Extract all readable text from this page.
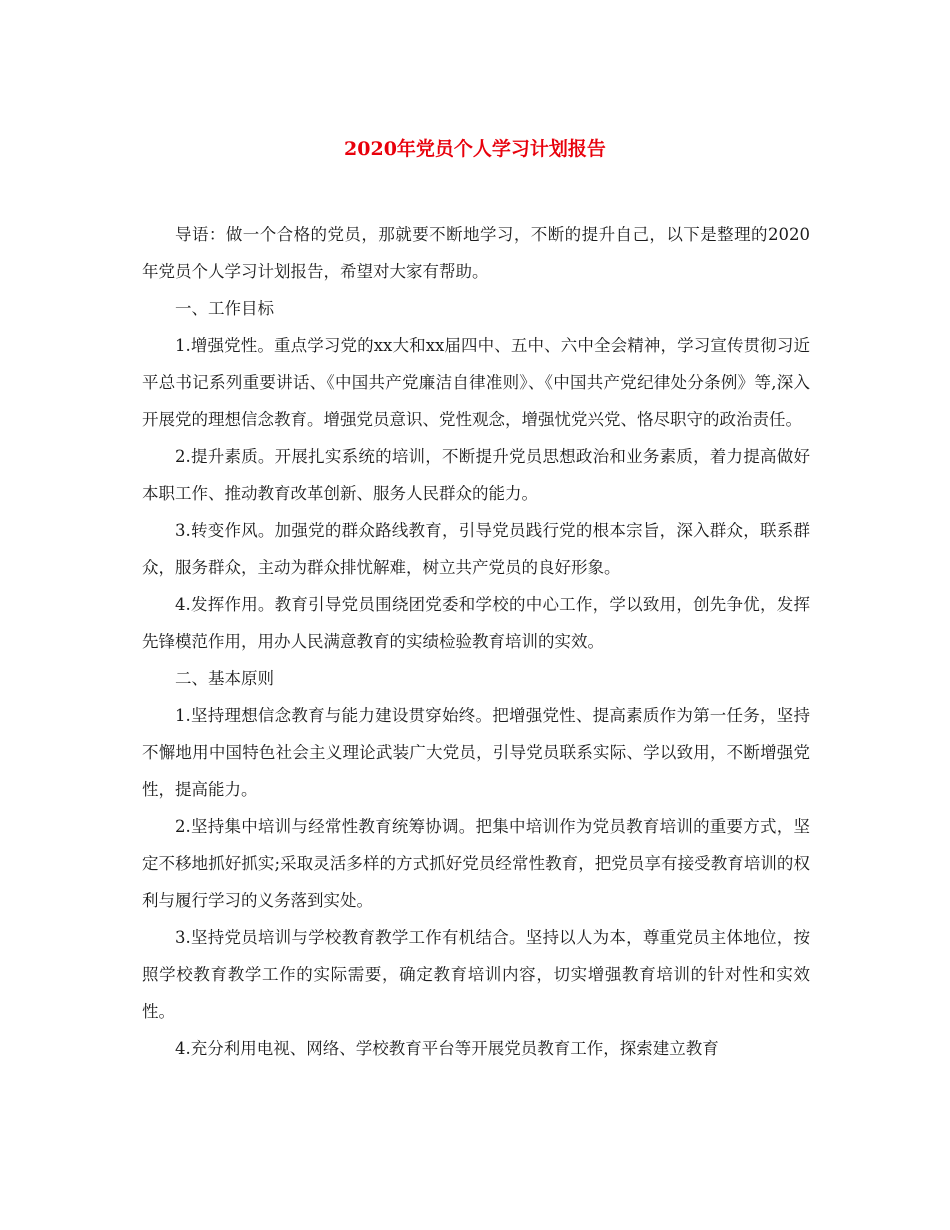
2020年党员个人学习计划报告

导语：做一个合格的党员，那就要不断地学习，不断的提升自己，以下是整理的2020年党员个人学习计划报告，希望对大家有帮助。

一、工作目标

1.增强党性。重点学习党的xx大和xx届四中、五中、六中全会精神，学习宣传贯彻习近平总书记系列重要讲话、《中国共产党廉洁自律准则》、《中国共产党纪律处分条例》等,深入开展党的理想信念教育。增强党员意识、党性观念，增强忧党兴党、恪尽职守的政治责任。

2.提升素质。开展扎实系统的培训，不断提升党员思想政治和业务素质，着力提高做好本职工作、推动教育改革创新、服务人民群众的能力。

3.转变作风。加强党的群众路线教育，引导党员践行党的根本宗旨，深入群众，联系群众，服务群众，主动为群众排忧解难，树立共产党员的良好形象。

4.发挥作用。教育引导党员围绕团党委和学校的中心工作，学以致用，创先争优，发挥先锋模范作用，用办人民满意教育的实绩检验教育培训的实效。

二、基本原则

1.坚持理想信念教育与能力建设贯穿始终。把增强党性、提高素质作为第一任务，坚持不懈地用中国特色社会主义理论武装广大党员，引导党员联系实际、学以致用，不断增强党性，提高能力。

2.坚持集中培训与经常性教育统筹协调。把集中培训作为党员教育培训的重要方式，坚定不移地抓好抓实;采取灵活多样的方式抓好党员经常性教育，把党员享有接受教育培训的权利与履行学习的义务落到实处。

3.坚持党员培训与学校教育教学工作有机结合。坚持以人为本，尊重党员主体地位，按照学校教育教学工作的实际需要，确定教育培训内容，切实增强教育培训的针对性和实效性。

4.充分利用电视、网络、学校教育平台等开展党员教育工作，探索建立教育
